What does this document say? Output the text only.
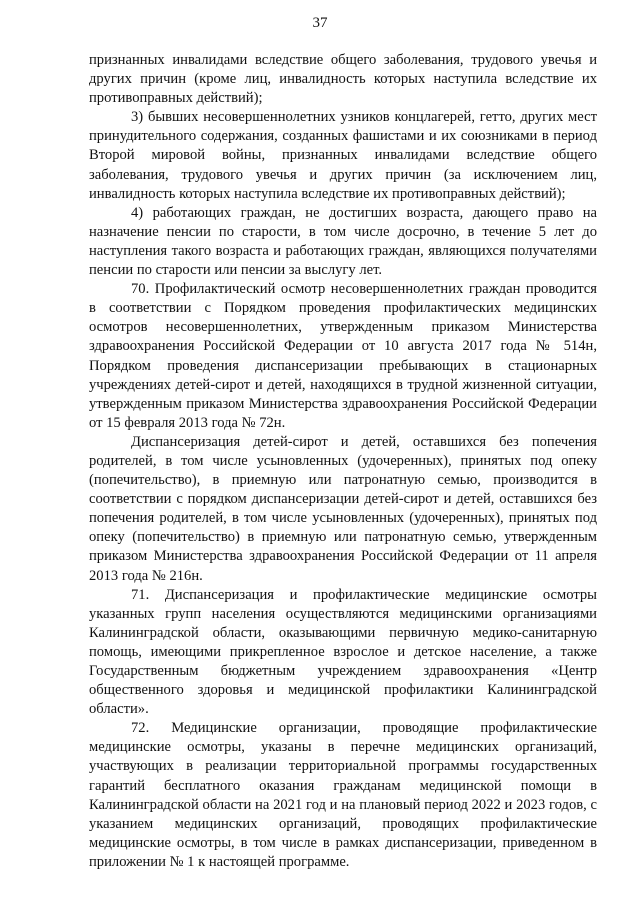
37

признанных инвалидами вследствие общего заболевания, трудового увечья и других причин (кроме лиц, инвалидность которых наступила вследствие их противоправных действий);

3) бывших несовершеннолетних узников концлагерей, гетто, других мест принудительного содержания, созданных фашистами и их союзниками в период Второй мировой войны, признанных инвалидами вследствие общего заболевания, трудового увечья и других причин (за исключением лиц, инвалидность которых наступила вследствие их противоправных действий);

4) работающих граждан, не достигших возраста, дающего право на назначение пенсии по старости, в том числе досрочно, в течение 5 лет до наступления такого возраста и работающих граждан, являющихся получателями пенсии по старости или пенсии за выслугу лет.

70. Профилактический осмотр несовершеннолетних граждан проводится в соответствии с Порядком проведения профилактических медицинских осмотров несовершеннолетних, утвержденным приказом Министерства здравоохранения Российской Федерации от 10 августа 2017 года № 514н, Порядком проведения диспансеризации пребывающих в стационарных учреждениях детей-сирот и детей, находящихся в трудной жизненной ситуации, утвержденным приказом Министерства здравоохранения Российской Федерации от 15 февраля 2013 года № 72н.

Диспансеризация детей-сирот и детей, оставшихся без попечения родителей, в том числе усыновленных (удочеренных), принятых под опеку (попечительство), в приемную или патронатную семью, производится в соответствии с порядком диспансеризации детей-сирот и детей, оставшихся без попечения родителей, в том числе усыновленных (удочеренных), принятых под опеку (попечительство) в приемную или патронатную семью, утвержденным приказом Министерства здравоохранения Российской Федерации от 11 апреля 2013 года № 216н.

71. Диспансеризация и профилактические медицинские осмотры указанных групп населения осуществляются медицинскими организациями Калининградской области, оказывающими первичную медико-санитарную помощь, имеющими прикрепленное взрослое и детское население, а также Государственным бюджетным учреждением здравоохранения «Центр общественного здоровья и медицинской профилактики Калининградской области».

72. Медицинские организации, проводящие профилактические медицинские осмотры, указаны в перечне медицинских организаций, участвующих в реализации территориальной программы государственных гарантий бесплатного оказания гражданам медицинской помощи в Калининградской области на 2021 год и на плановый период 2022 и 2023 годов, с указанием медицинских организаций, проводящих профилактические медицинские осмотры, в том числе в рамках диспансеризации, приведенном в приложении № 1 к настоящей программе.
